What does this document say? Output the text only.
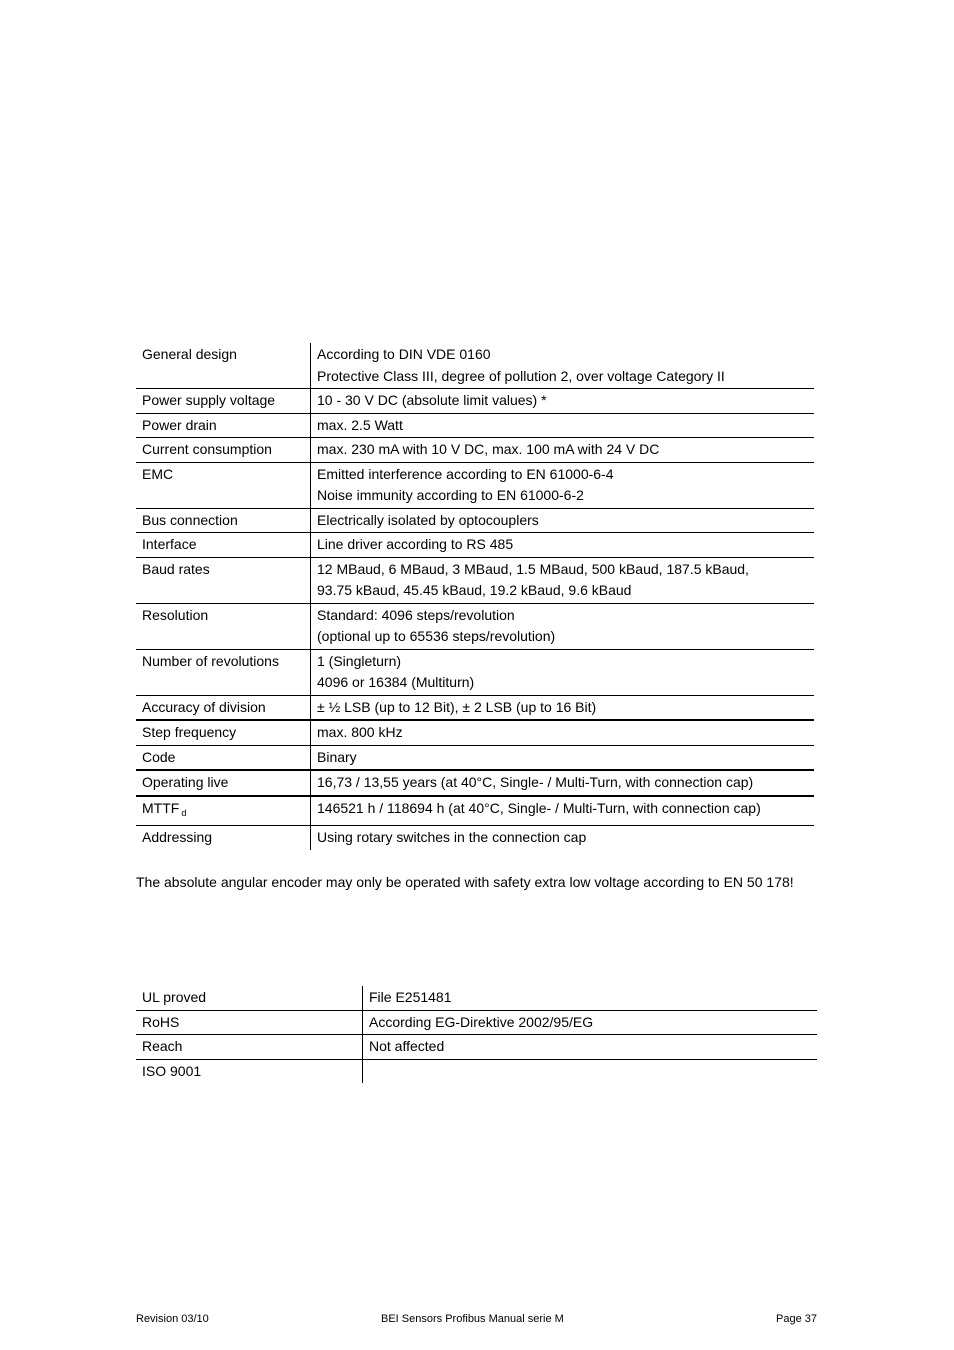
General design	According to DIN VDE 0160
Protective Class III, degree of pollution 2, over voltage Category II

Power supply voltage	10 - 30 V DC (absolute limit values) *

Power drain	max. 2.5 Watt

Current consumption	max. 230 mA with 10 V DC, max. 100 mA with 24 V DC

EMC	Emitted interference according to EN 61000-6-4
Noise immunity according to EN 61000-6-2

Bus connection	Electrically isolated by optocouplers

Interface	Line driver according to RS 485

Baud rates	12 MBaud, 6 MBaud, 3 MBaud, 1.5 MBaud, 500 kBaud, 187.5 kBaud,
93.75 kBaud, 45.45 kBaud, 19.2 kBaud, 9.6 kBaud

Resolution	Standard: 4096 steps/revolution
(optional up to 65536 steps/revolution)

Number of revolutions	1 (Singleturn)
4096 or 16384 (Multiturn)

Accuracy of division	± ½ LSB (up to 12 Bit), ± 2 LSB (up to 16 Bit)

Step frequency	max. 800 kHz

Code	Binary

Operating live	16,73 / 13,55 years (at 40°C, Single- / Multi-Turn, with connection cap)

MTTF $_d$	146521 h / 118694 h (at 40°C, Single- / Multi-Turn, with connection cap)

Addressing	Using rotary switches in the connection cap
The absolute angular encoder may only be operated with safety extra low voltage according to EN 50 178!
UL proved	File E251481
RoHS	According EG-Direktive 2002/95/EG
Reach	Not affected
ISO 9001	
Revision 03/10	BEI Sensors Profibus Manual serie M	Page 37
